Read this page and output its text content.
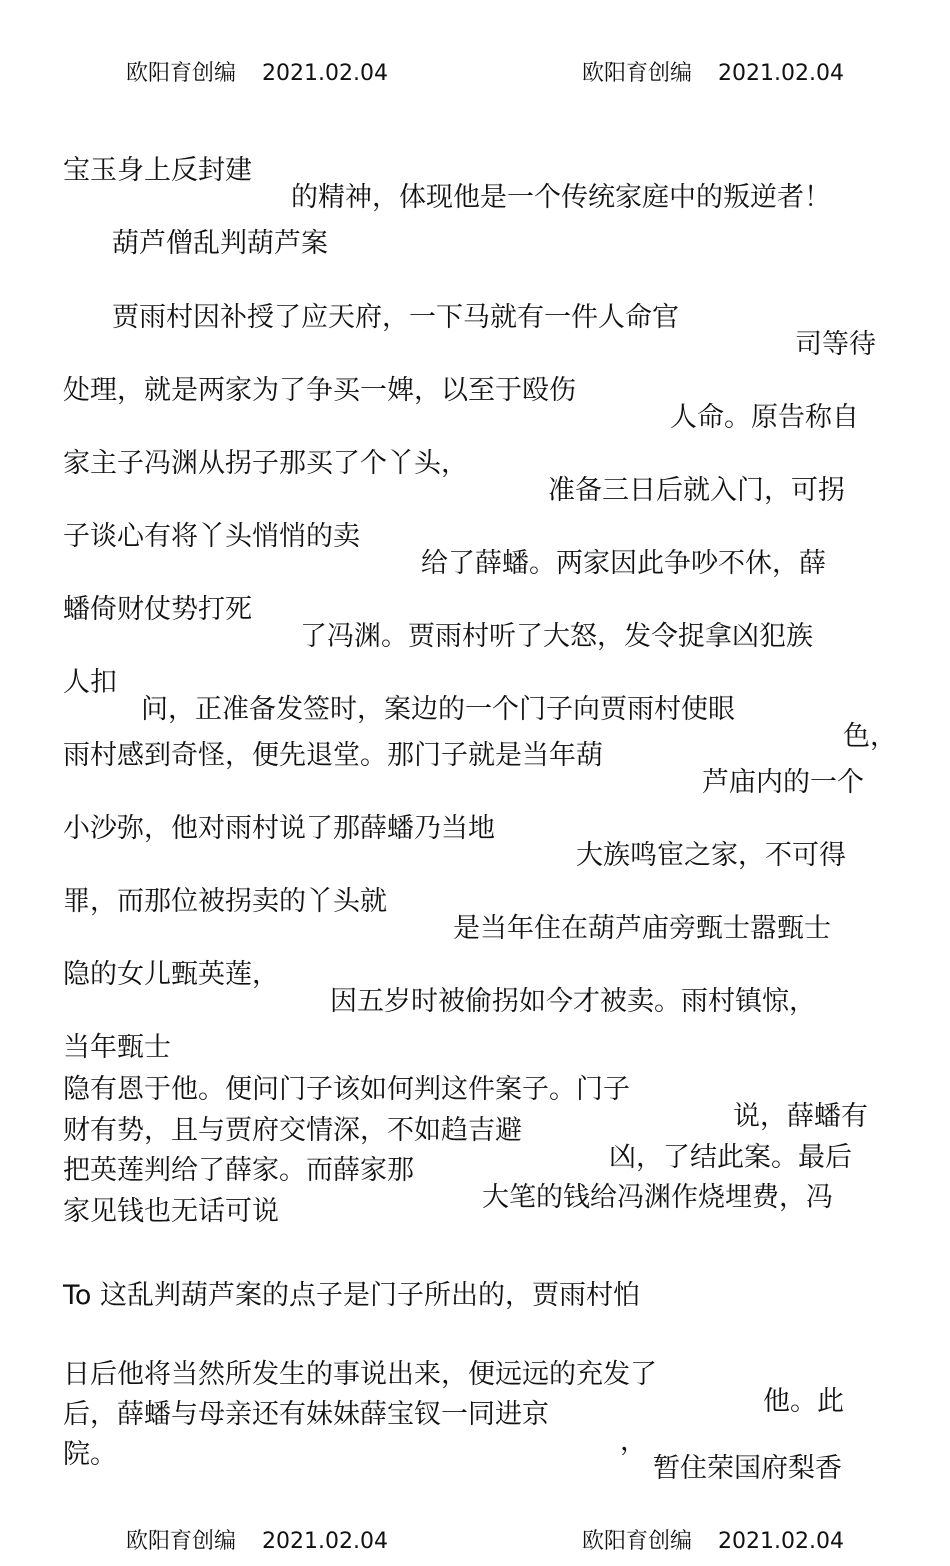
欧阳育创编 2021.02.04	欧阳育创编 2021.02.04

宝玉身上反封建

的精神，体现他是一个传统家庭中的叛逆者！

葫芦僧乱判葫芦案

贾雨村因补授了应天府，一下马就有一件人命官

司等待

处理，就是两家为了争买一婢，以至于殴伤

人命。原告称自

家主子冯渊从拐子那买了个丫头，

准备三日后就入门，可拐

子谈心有将丫头悄悄的卖

给了薛蟠。两家因此争吵不休，薛

蟠倚财仗势打死

了冯渊。贾雨村听了大怒，发令捉拿凶犯族

人扣

问，正准备发签时，案边的一个门子向贾雨村使眼

色，

雨村感到奇怪，便先退堂。那门子就是当年葫

芦庙内的一个

小沙弥，他对雨村说了那薛蟠乃当地

大族鸣宦之家，不可得

罪，而那位被拐卖的丫头就

是当年住在葫芦庙旁甄士嚣甄士

隐的女儿甄英莲，

因五岁时被偷拐如今才被卖。雨村镇惊，

当年甄士

隐有恩于他。便问门子该如何判这件案子。门子

说，薛蟠有

财有势，且与贾府交情深，不如趋吉避

凶，了结此案。最后

把英莲判给了薛家。而薛家那

大笔的钱给冯渊作烧埋费，冯

家见钱也无话可说

To 这乱判葫芦案的点子是门子所出的，贾雨村怕

日后他将当然所发生的事说出来，便远远的充发了

他。此

后，薛蟠与母亲还有妹妹薛宝钗一同进京

，

暂住荣国府梨香

院。

欧阳育创编 2021.02.04	欧阳育创编 2021.02.04
